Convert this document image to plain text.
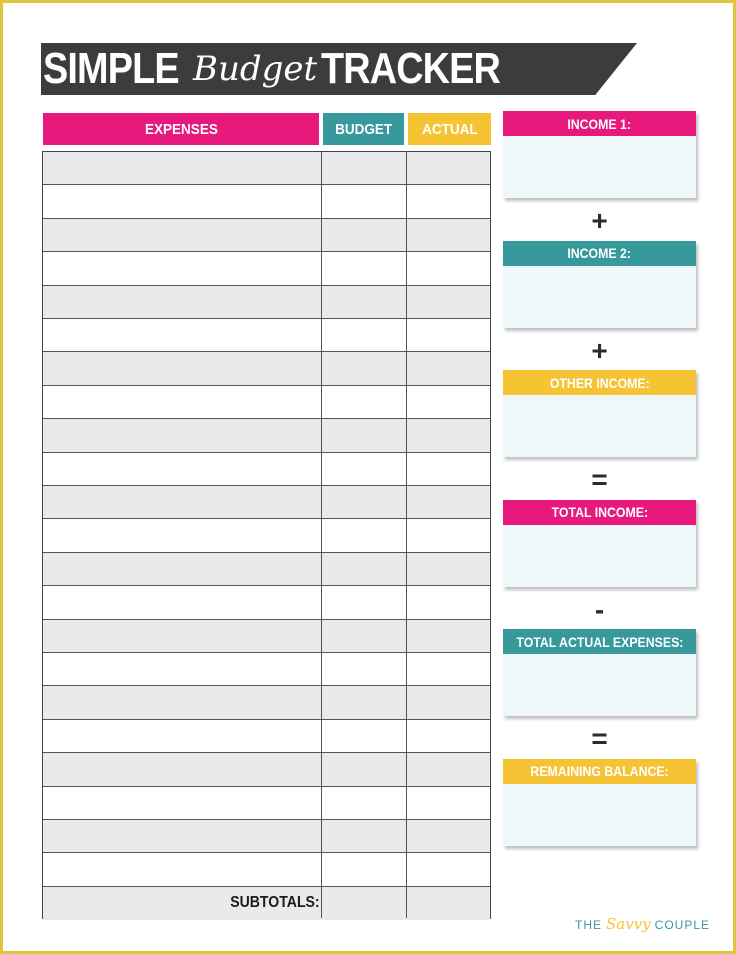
SIMPLE Budget TRACKER
EXPENSES	BUDGET ACTUAL
SUBTOTALS:
THE Savvy COUPLE
INCOME 1:
INCOME 2:
OTHER INCOME:
TOTAL INCOME:
TOTAL ACTUAL EXPENSES:
REMAINING BALANCE:
+
+
=
-
=
